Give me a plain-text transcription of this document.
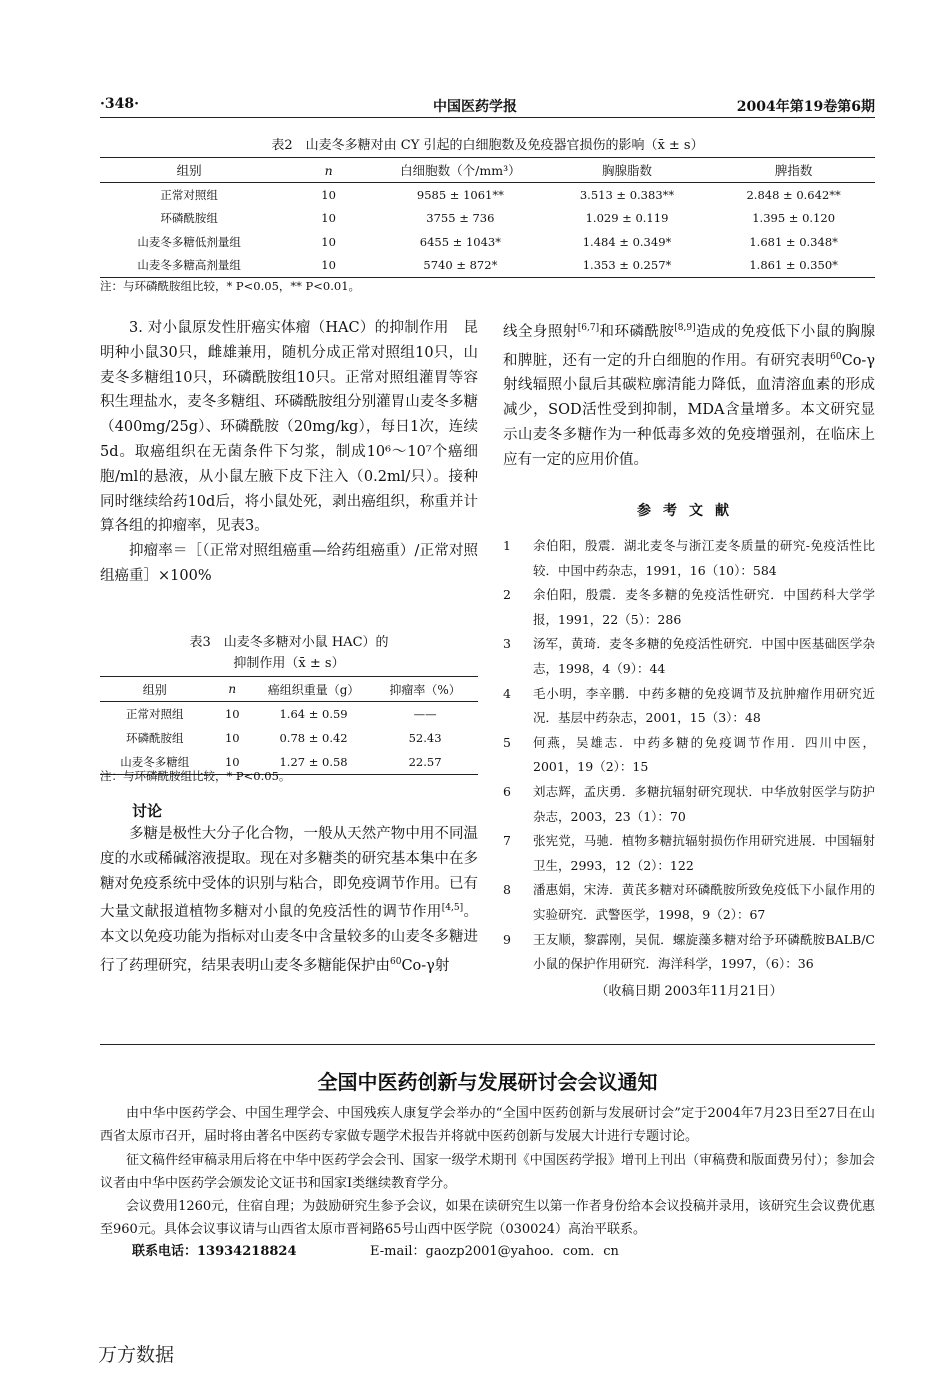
·348·	中国医药学报	2004年第19卷第6期
表2　山麦冬多糖对由 CY 引起的白细胞数及免疫器官损伤的影响（x̄ ± s）
组别	n	白细胞数（个/mm³）	胸腺脂数	脾指数
正常对照组	10	9585 ± 1061**	3.513 ± 0.383**	2.848 ± 0.642**
环磷酰胺组	10	3755 ± 736	1.029 ± 0.119	1.395 ± 0.120
山麦冬多糖低剂量组	10	6455 ± 1043*	1.484 ± 0.349*	1.681 ± 0.348*
山麦冬多糖高剂量组	10	5740 ± 872*	1.353 ± 0.257*	1.861 ± 0.350*
注：与环磷酰胺组比较，* P<0.05，** P<0.01。

3. 对小鼠原发性肝癌实体瘤（HAC）的抑制作用　昆明种小鼠30只，雌雄兼用，随机分成正常对照组10只，山麦冬多糖组10只，环磷酰胺组10只。正常对照组灌胃等容积生理盐水，麦冬多糖组、环磷酰胺组分别灌胃山麦冬多糖（400mg/25g）、环磷酰胺（20mg/kg），每日1次，连续5d。取癌组织在无菌条件下匀浆，制成10⁶～10⁷个癌细胞/ml的悬液，从小鼠左腋下皮下注入（0.2ml/只）。接种同时继续给药10d后，将小鼠处死，剥出癌组织，称重并计算各组的抑瘤率，见表3。

抑瘤率＝［（正常对照组癌重—给药组癌重）/正常对照组癌重］×100%

表3　山麦冬多糖对小鼠 HAC）的
抑制作用（x̄ ± s）
组别	n	癌组织重量（g）	抑瘤率（%）
正常对照组	10	1.64 ± 0.59	——
环磷酰胺组	10	0.78 ± 0.42	52.43
山麦冬多糖组	10	1.27 ± 0.58	22.57
注：与环磷酰胺组比较，* P<0.05。
讨论

多糖是极性大分子化合物，一般从天然产物中用不同温度的水或稀碱溶液提取。现在对多糖类的研究基本集中在多糖对免疫系统中受体的识别与粘合，即免疫调节作用。已有大量文献报道植物多糖对小鼠的免疫活性的调节作用[4,5]。本文以免疫功能为指标对山麦冬中含量较多的山麦冬多糖进行了药理研究，结果表明山麦冬多糖能保护由$^{60}$Co-γ射

线全身照射[6,7]和环磷酰胺[8,9]造成的免疫低下小鼠的胸腺和脾脏，还有一定的升白细胞的作用。有研究表明$^{60}$Co-γ射线辐照小鼠后其碳粒廓清能力降低，血清溶血素的形成减少，SOD活性受到抑制，MDA含量增多。本文研究显示山麦冬多糖作为一种低毒多效的免疫增强剂，在临床上应有一定的应用价值。

参考文献
1 余伯阳，殷震．湖北麦冬与浙江麦冬质量的研究-免疫活性比较．中国中药杂志，1991，16（10）：584
2 余伯阳，殷震．麦冬多糖的免疫活性研究．中国药科大学学报，1991，22（5）：286
3 汤军，黄琦．麦冬多糖的免疫活性研究．中国中医基础医学杂志，1998，4（9）：44
4 毛小明，李辛鹏．中药多糖的免疫调节及抗肿瘤作用研究近况．基层中药杂志，2001，15（3）：48
5 何燕，吴雄志．中药多糖的免疫调节作用．四川中医，2001，19（2）：15
6 刘志辉，孟庆勇．多糖抗辐射研究现状．中华放射医学与防护杂志，2003，23（1）：70
7 张宪党，马驰．植物多糖抗辐射损伤作用研究进展．中国辐射卫生，2993，12（2）：122
8 潘惠娟，宋涛．黄芪多糖对环磷酰胺所致免疫低下小鼠作用的实验研究．武警医学，1998，9（2）：67
9 王友顺，黎霹刚，吴侃．螺旋藻多糖对给予环磷酰胺BALB/C小鼠的保护作用研究．海洋科学，1997，（6）：36
（收稿日期 2003年11月21日）
全国中医药创新与发展研讨会会议通知

由中华中医药学会、中国生理学会、中国残疾人康复学会举办的“全国中医药创新与发展研讨会”定于2004年7月23日至27日在山西省太原市召开，届时将由著名中医药专家做专题学术报告并将就中医药创新与发展大计进行专题讨论。

征文稿件经审稿录用后将在中华中医药学会会刊、国家一级学术期刊《中国医药学报》增刊上刊出（审稿费和版面费另付）；参加会议者由中华中医药学会颁发论文证书和国家Ⅰ类继续教育学分。

会议费用1260元，住宿自理；为鼓励研究生参予会议，如果在读研究生以第一作者身份给本会议投稿并录用，该研究生会议费优惠至960元。具体会议事议请与山西省太原市晋祠路65号山西中医学院（030024）高治平联系。

联系电话：13934218824	E-mail：gaozp2001@yahoo．com．cn
万方数据
